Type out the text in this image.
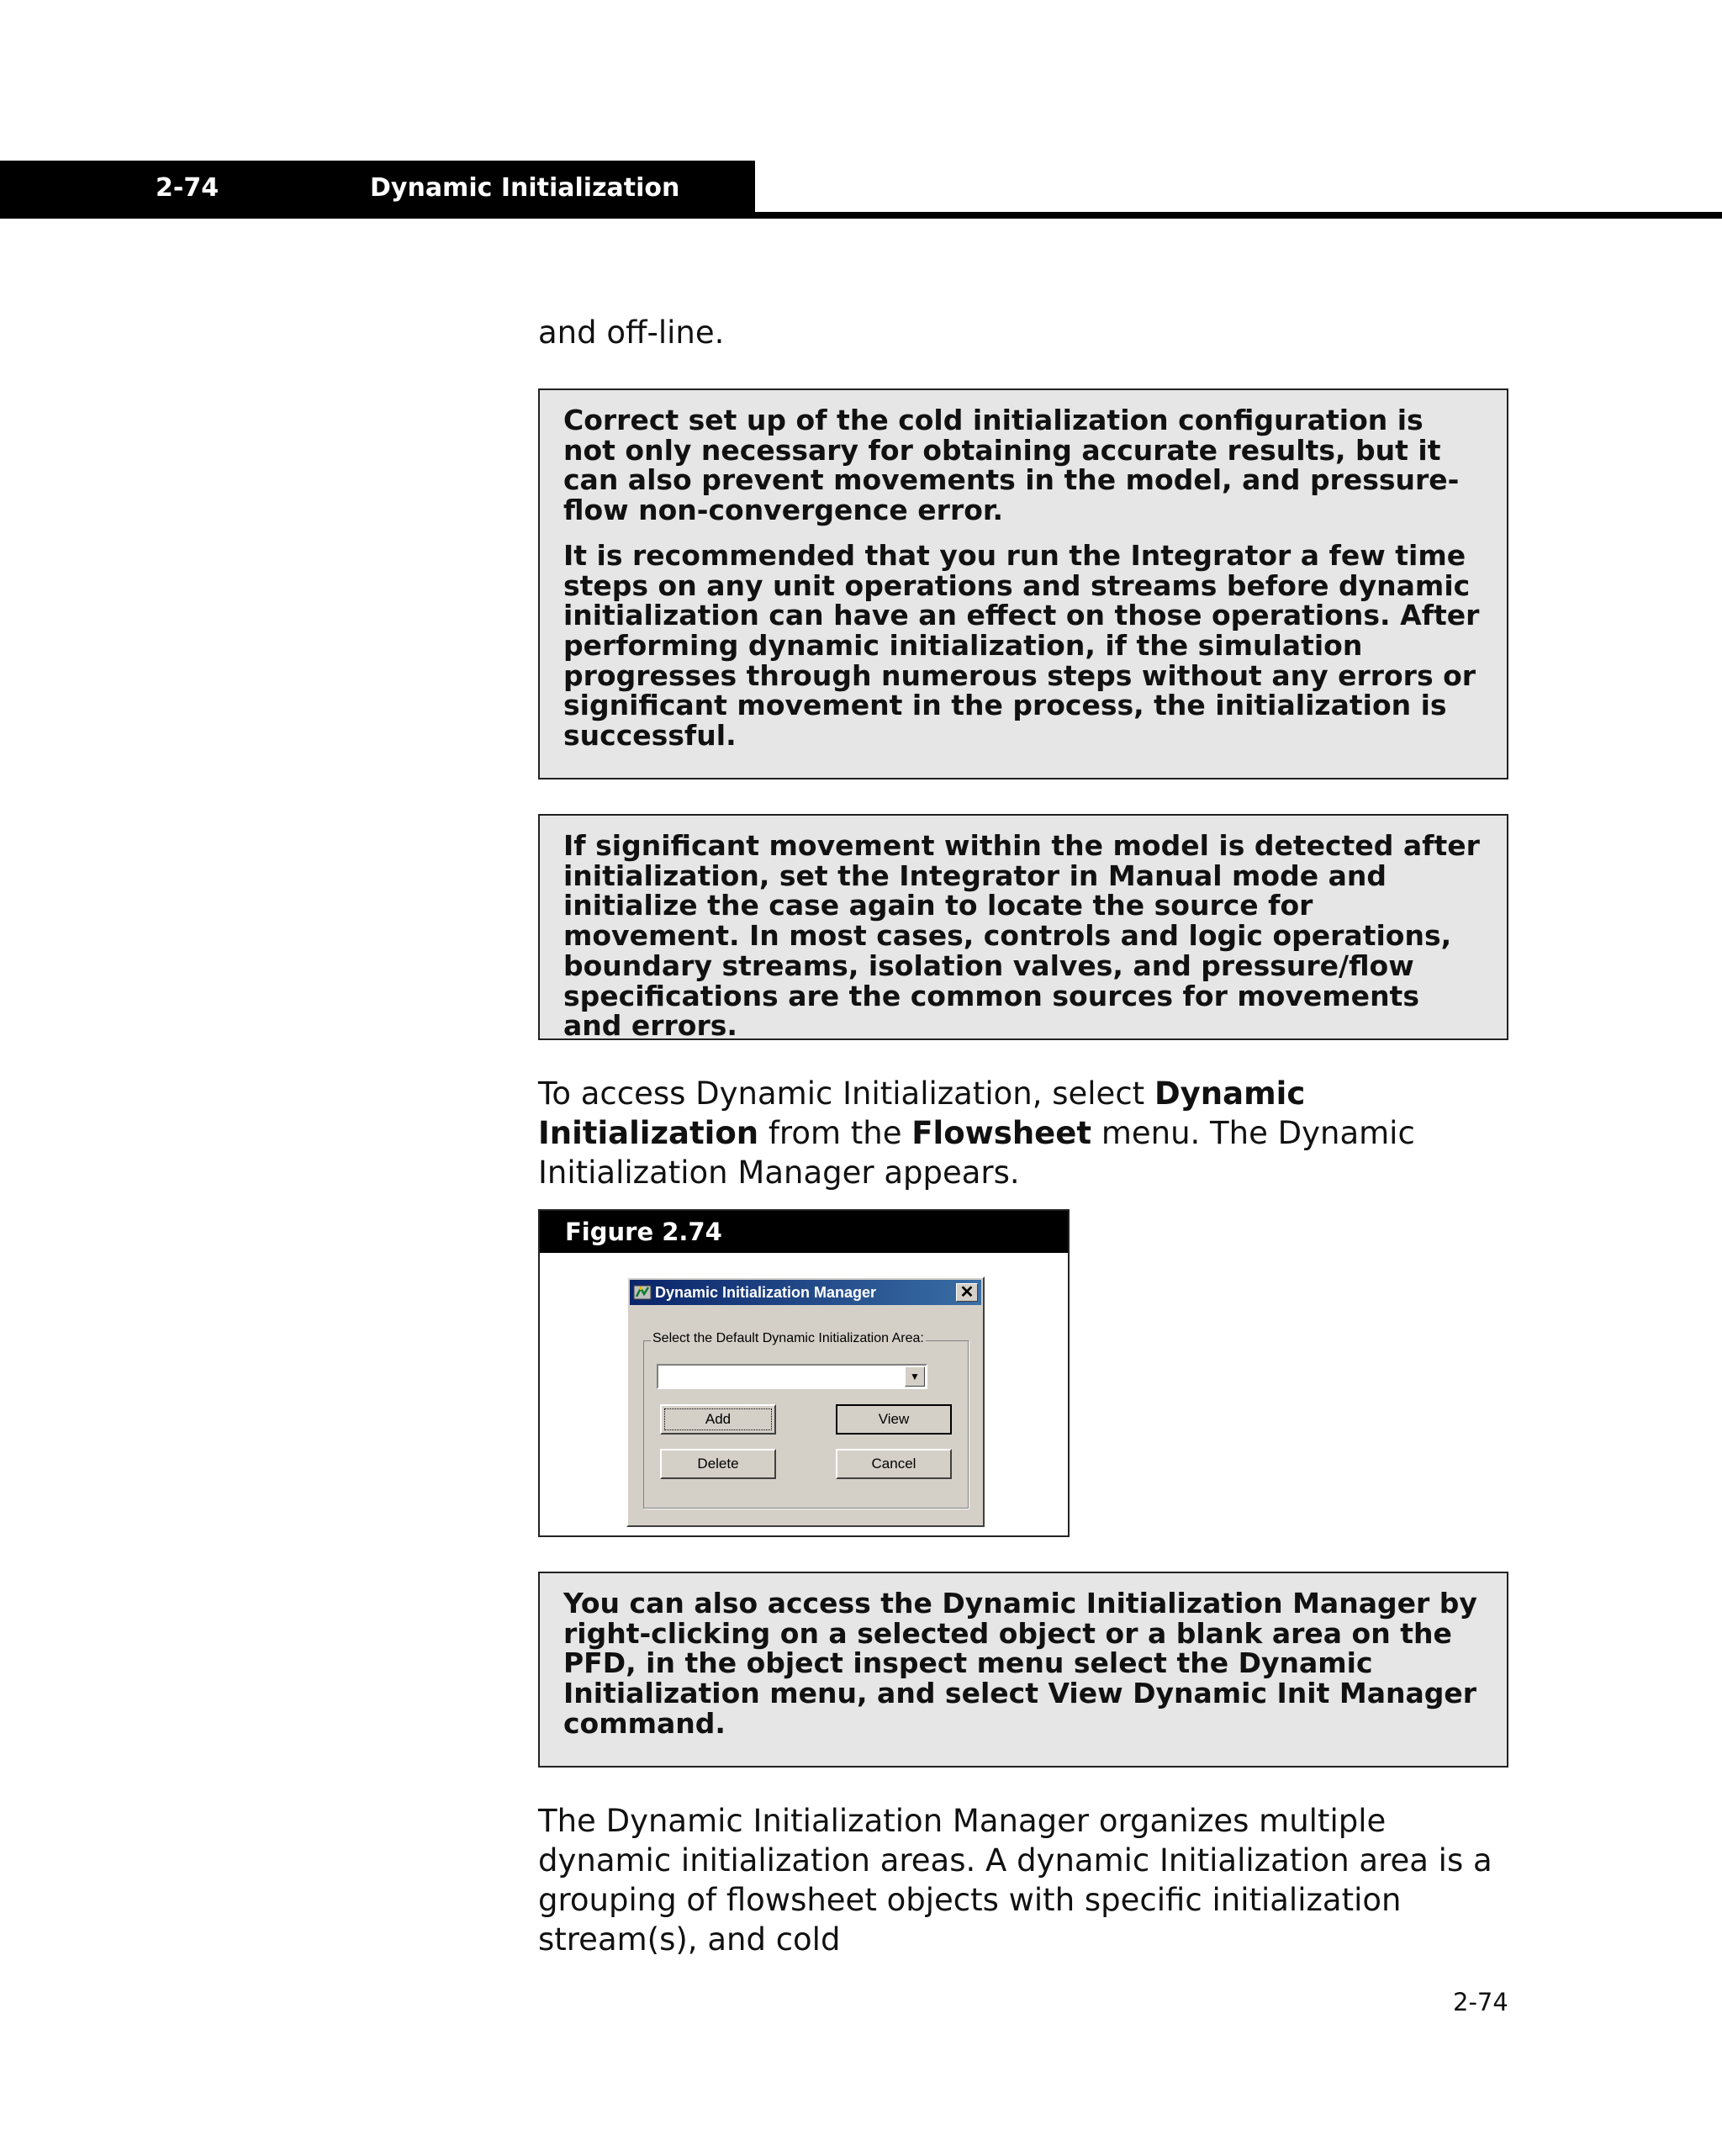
2-74	Dynamic Initialization
and off-line.

Correct set up of the cold initialization configuration is not only necessary for obtaining accurate results, but it can also prevent movements in the model, and pressure-flow non-convergence error.

It is recommended that you run the Integrator a few time steps on any unit operations and streams before dynamic initialization can have an effect on those operations. After performing dynamic initialization, if the simulation progresses through numerous steps without any errors or significant movement in the process, the initialization is successful.

If significant movement within the model is detected after initialization, set the Integrator in Manual mode and initialize the case again to locate the source for movement. In most cases, controls and logic operations, boundary streams, isolation valves, and pressure/flow specifications are the common sources for movements and errors.

To access Dynamic Initialization, select Dynamic Initialization from the Flowsheet menu. The Dynamic Initialization Manager appears.
Figure 2.74
Dynamic Initialization Manager	✕
Select the Default Dynamic Initialization Area:
▼
Add	View
Delete	Cancel

You can also access the Dynamic Initialization Manager by right-clicking on a selected object or a blank area on the PFD, in the object inspect menu select the Dynamic Initialization menu, and select View Dynamic Init Manager command.

The Dynamic Initialization Manager organizes multiple dynamic initialization areas. A dynamic Initialization area is a grouping of flowsheet objects with specific initialization stream(s), and cold
2-74
